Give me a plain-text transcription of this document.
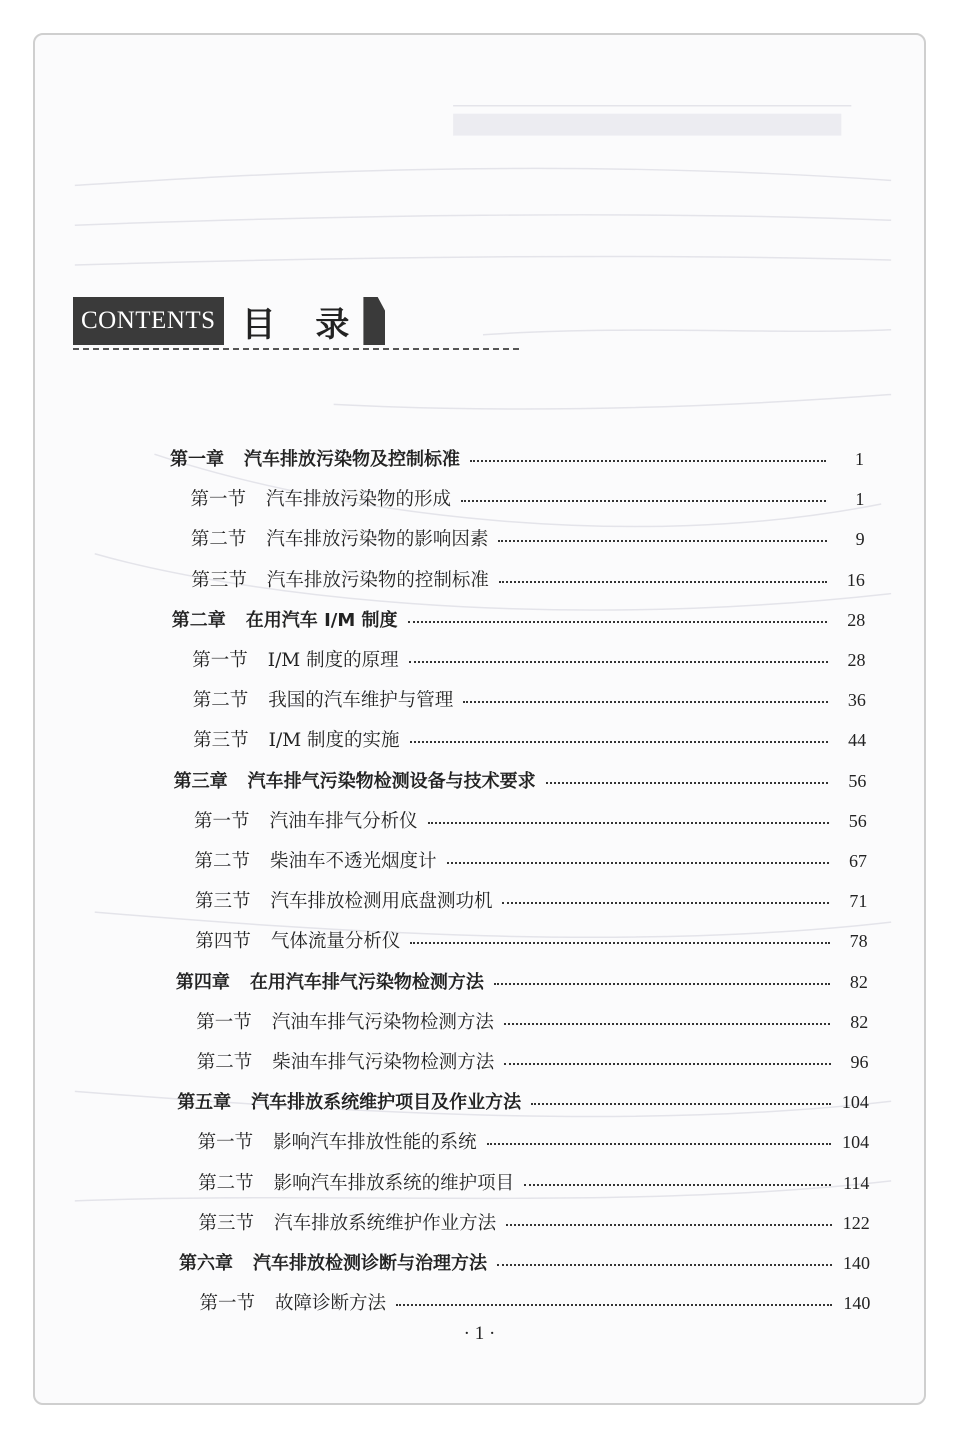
CONTENTS 目 录
第一章 汽车排放污染物及控制标准	1
第一节 汽车排放污染物的形成	1
第二节 汽车排放污染物的影响因素	9
第三节 汽车排放污染物的控制标准	16
第二章 在用汽车 I/M 制度	28
第一节 I/M 制度的原理	28
第二节 我国的汽车维护与管理	36
第三节 I/M 制度的实施	44
第三章 汽车排气污染物检测设备与技术要求	56
第一节 汽油车排气分析仪	56
第二节 柴油车不透光烟度计	67
第三节 汽车排放检测用底盘测功机	71
第四节 气体流量分析仪	78
第四章 在用汽车排气污染物检测方法	82
第一节 汽油车排气污染物检测方法	82
第二节 柴油车排气污染物检测方法	96
第五章 汽车排放系统维护项目及作业方法	104
第一节 影响汽车排放性能的系统	104
第二节 影响汽车排放系统的维护项目	114
第三节 汽车排放系统维护作业方法	122
第六章 汽车排放检测诊断与治理方法	140
第一节 故障诊断方法	140
· 1 ·
